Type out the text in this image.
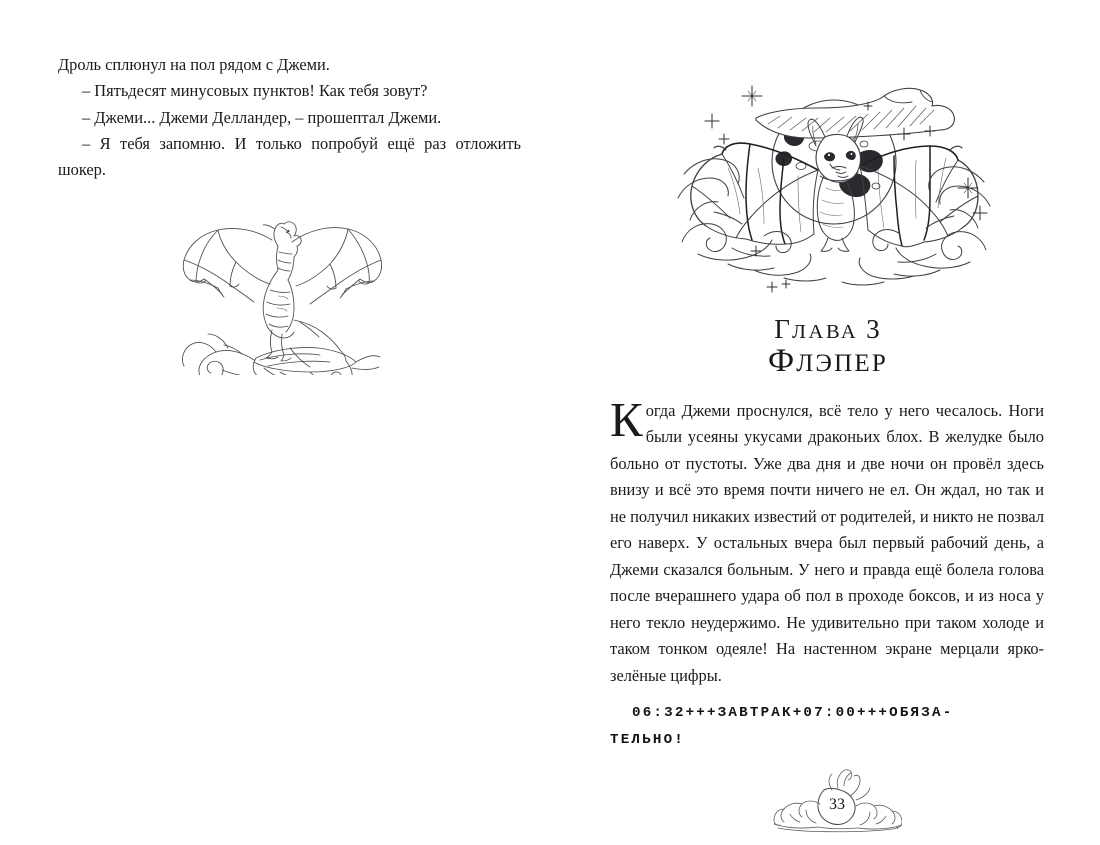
Дроль сплюнул на пол рядом с Джеми.

– Пятьдесят минусовых пунктов! Как тебя зовут?

– Джеми... Джеми Делландер, – прошептал Джеми.

– Я тебя запомню. И только попробуй ещё раз отложить шокер.

ГЛАВА 3
ФЛЭПЕР

Когда Джеми проснулся, всё тело у него чесалось. Ноги были усеяны укусами драконьих блох. В желудке было больно от пустоты. Уже два дня и две ночи он провёл здесь внизу и всё это время почти ничего не ел. Он ждал, но так и не получил никаких известий от родителей, и никто не позвал его наверх. У остальных вчера был первый рабочий день, а Джеми сказался больным. У него и правда ещё болела голова после вчерашнего удара об пол в проходе боксов, и из носа у него текло неудержимо. Не удивительно при таком холоде и таком тонком одеяле! На настенном экране мерцали ярко-зелёные цифры.

06:32+++ЗАВТРАК+07:00+++ОБЯЗА-
ТЕЛЬНО!
33
